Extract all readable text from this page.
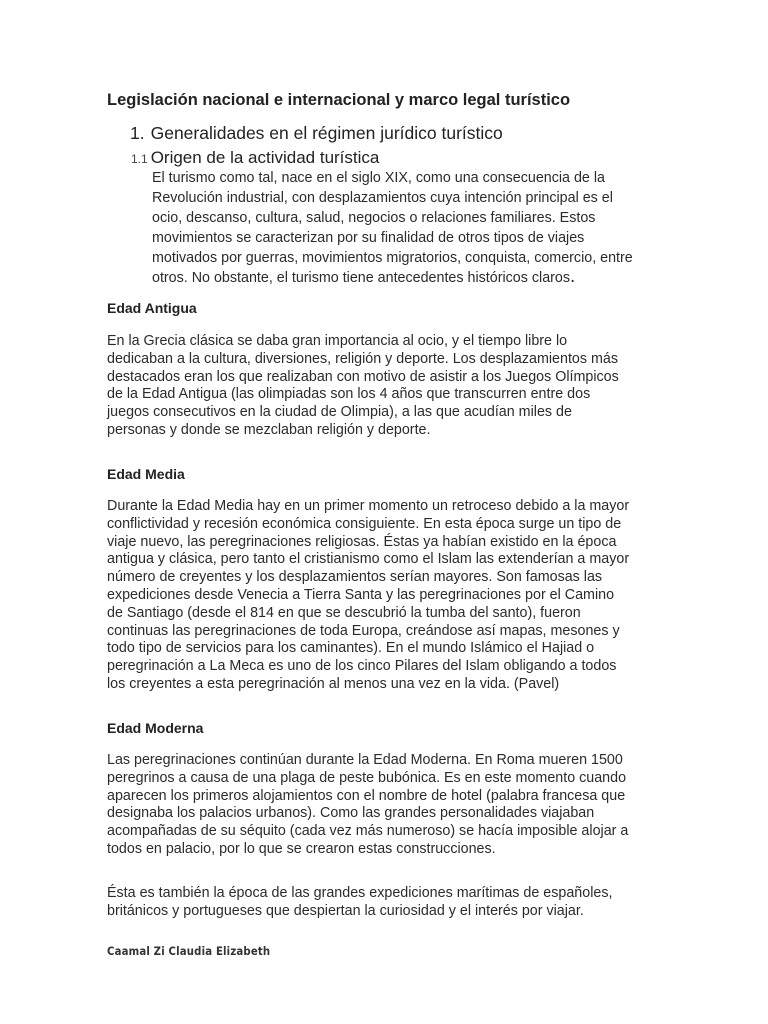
Legislación nacional e internacional y marco legal turístico
1. Generalidades en el régimen jurídico turístico
1.1 Origen de la actividad turística
El turismo como tal, nace en el siglo XIX, como una consecuencia de la
Revolución industrial, con desplazamientos cuya intención principal es el
ocio, descanso, cultura, salud, negocios o relaciones familiares. Estos
movimientos se caracterizan por su finalidad de otros tipos de viajes
motivados por guerras, movimientos migratorios, conquista, comercio, entre
otros. No obstante, el turismo tiene antecedentes históricos claros.
Edad Antigua
En la Grecia clásica se daba gran importancia al ocio, y el tiempo libre lo
dedicaban a la cultura, diversiones, religión y deporte. Los desplazamientos más
destacados eran los que realizaban con motivo de asistir a los Juegos Olímpicos
de la Edad Antigua (las olimpiadas son los 4 años que transcurren entre dos
juegos consecutivos en la ciudad de Olimpia), a las que acudían miles de
personas y donde se mezclaban religión y deporte.
Edad Media
Durante la Edad Media hay en un primer momento un retroceso debido a la mayor
conflictividad y recesión económica consiguiente. En esta época surge un tipo de
viaje nuevo, las peregrinaciones religiosas. Éstas ya habían existido en la época
antigua y clásica, pero tanto el cristianismo como el Islam las extenderían a mayor
número de creyentes y los desplazamientos serían mayores. Son famosas las
expediciones desde Venecia a Tierra Santa y las peregrinaciones por el Camino
de Santiago (desde el 814 en que se descubrió la tumba del santo), fueron
continuas las peregrinaciones de toda Europa, creándose así mapas, mesones y
todo tipo de servicios para los caminantes). En el mundo Islámico el Hajiad o
peregrinación a La Meca es uno de los cinco Pilares del Islam obligando a todos
los creyentes a esta peregrinación al menos una vez en la vida. (Pavel)
Edad Moderna
Las peregrinaciones continúan durante la Edad Moderna. En Roma mueren 1500
peregrinos a causa de una plaga de peste bubónica. Es en este momento cuando
aparecen los primeros alojamientos con el nombre de hotel (palabra francesa que
designaba los palacios urbanos). Como las grandes personalidades viajaban
acompañadas de su séquito (cada vez más numeroso) se hacía imposible alojar a
todos en palacio, por lo que se crearon estas construcciones.
Ésta es también la época de las grandes expediciones marítimas de españoles,
británicos y portugueses que despiertan la curiosidad y el interés por viajar.
Caamal Zi Claudia Elizabeth
